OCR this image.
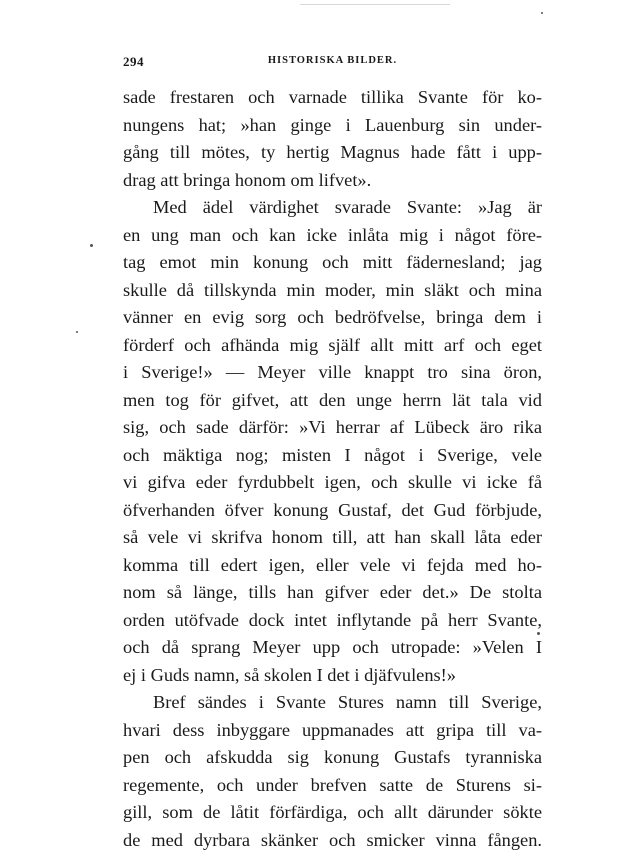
294	HISTORISKA BILDER.
sade frestaren och varnade tillika Svante för ko-
nungens hat; »han ginge i Lauenburg sin under-
gång till mötes, ty hertig Magnus hade fått i upp-
drag att bringa honom om lifvet».
Med ädel värdighet svarade Svante: »Jag är
en ung man och kan icke inlåta mig i något före-
tag emot min konung och mitt fädernesland; jag
skulle då tillskynda min moder, min släkt och mina
vänner en evig sorg och bedröfvelse, bringa dem i
förderf och afhända mig själf allt mitt arf och eget
i Sverige!» — Meyer ville knappt tro sina öron,
men tog för gifvet, att den unge herrn lät tala vid
sig, och sade därför: »Vi herrar af Lübeck äro rika
och mäktiga nog; misten I något i Sverige, vele
vi gifva eder fyrdubbelt igen, och skulle vi icke få
öfverhanden öfver konung Gustaf, det Gud förbjude,
så vele vi skrifva honom till, att han skall låta eder
komma till edert igen, eller vele vi fejda med ho-
nom så länge, tills han gifver eder det.» De stolta
orden utöfvade dock intet inflytande på herr Svante,
och då sprang Meyer upp och utropade: »Velen I
ej i Guds namn, så skolen I det i djäfvulens!»
Bref sändes i Svante Stures namn till Sverige,
hvari dess inbyggare uppmanades att gripa till va-
pen och afskudda sig konung Gustafs tyranniska
regemente, och under brefven satte de Sturens si-
gill, som de låtit förfärdiga, och allt därunder sökte
de med dyrbara skänker och smicker vinna fången.
